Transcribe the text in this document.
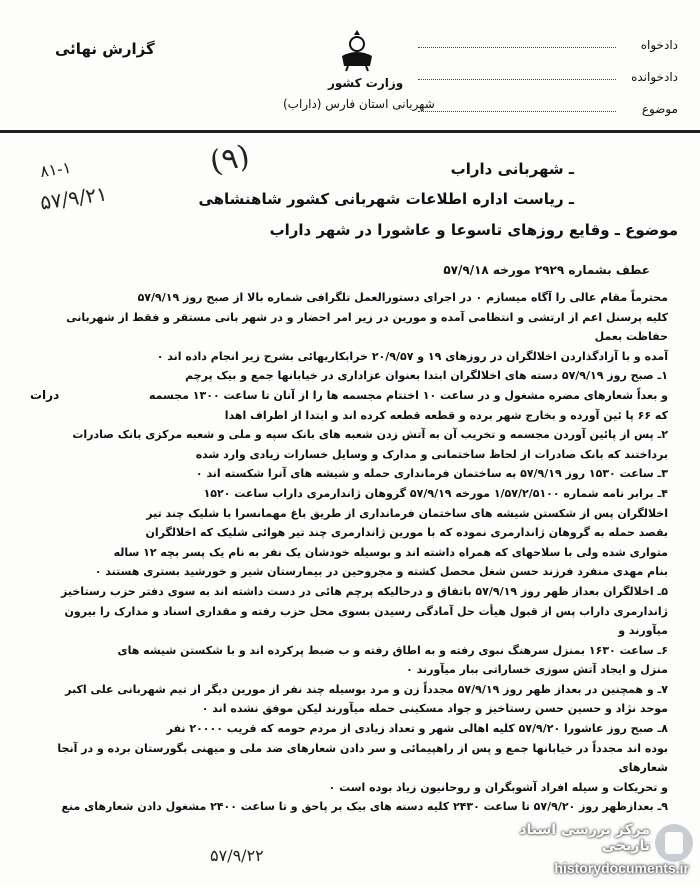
گزارش نهائی
وزارت کشور
شهربانی استان فارس (داراب)
دادخواه
دادخوانده
موضوع
۸۱-۱
۵۷/۹/۲۱
(۹)	ـ شهربانی داراب
ـ ریاست اداره اطلاعات شهربانی کشور شاهنشاهی
موضوع ـ وقایع روزهای تاسوعا و عاشورا در شهر داراب
عطف بشماره ۲۹۲۹ مورخه ۵۷/۹/۱۸

محترماً مقام عالی را آگاه میسازم ۰ در اجرای دستورالعمل تلگرافی شماره بالا از صبح روز ۵۷/۹/۱۹

کلیه پرسنل اعم از ارتشی و انتظامی آمده و مورین در زیر امر احضار و در شهر بانی مستقر و فقط از شهربانی حفاظت بعمل

آمده و با آزادگذاردن اخلالگران در روزهای ۱۹ و ۲۰/۹/۵۷ خرابکاریهائی بشرح زیر انجام داده اند ۰

۱ـ صبح روز ۵۷/۹/۱۹ دسته های اخلالگران ابتدا بعنوان عزاداری در خیابانها جمع و بیک پرچم

و بعداً شعارهای مضره مشغول و در ساعت ۱۰ اختتام مجسمه ها را از آنان تا ساعت ۱۳۰۰ مجسمه

که ۶۶ پا ئین آورده و بخارج شهر برده و قطعه قطعه کرده اند و ابتدا از اطراف اهدا

۲ـ پس از پائین آوردن مجسمه و تخریب آن به آتش زدن شعبه های بانک سپه و ملی و شعبه مرکزی بانک صادرات

برداختند که بانک صادرات از لحاظ ساختمانی و مدارک و وسایل خسارات زیادی وارد شده

۳ـ ساعت ۱۵۳۰ روز ۵۷/۹/۱۹ به ساختمان فرمانداری حمله و شیشه های آنرا شکسته اند ۰

۴ـ برابر نامه شماره ۱/۵۷/۲/۵۱۰۰ مورخه ۵۷/۹/۱۹ گروهان ژاندارمری داراب ساعت ۱۵۲۰

اخلالگران پس از شکستن شیشه های ساختمان فرمانداری از طریق باغ مهمانسرا با شلیک چند تیر

بقصد حمله به گروهان ژاندارمری نموده که با مورین ژاندارمری چند تیر هوائی شلیک که اخلالگران

متواری شده ولی با سلاحهای که همراه داشته اند و بوسیله خودشان یک نفر به نام یک پسر بچه ۱۲ ساله

بنام مهدی منفرد فرزند حسن شغل محصل کشته و مجروحین در بیمارستان شیر و خورشید بستری هستند ۰

۵ـ اخلالگران بعداز ظهر روز ۵۷/۹/۱۹ باتفاق و درحالیکه پرچم هائی در دست داشته اند به سوی دفتر حزب رستاخیز

ژاندارمری داراب پس از قبول هیأت حل آمادگی رسیدن بسوی محل حزب رفته و مقداری اسناد و مدارک را بیرون میآورند و

۶ـ ساعت ۱۶۳۰ بمنزل سرهنگ نبوی رفته و به اطاق رفته و ب ضبط پرکرده اند و با شکستن شیشه های

منزل و ایجاد آتش سوزی خساراتی ببار میآورند ۰

۷ـ و همچنین در بعداز ظهر روز ۵۷/۹/۱۹ مجدداً زن و مرد بوسیله چند نفر از مورین دیگر از تیم شهربانی علی اکبر

موحد نژاد و حسین حسن رستاخیز و جواد مسکینی حمله میآورند لیکن موفق نشده اند ۰

۸ـ صبح روز عاشورا ۵۷/۹/۲۰ کلیه اهالی شهر و تعداد زیادی از مردم حومه که قریب ۲۰۰۰۰ نفر

بوده اند مجدداً در خیابانها جمع و پس از راهپیمائی و سر دادن شعارهای ضد ملی و میهنی بگورستان برده و در آنجا شعارهای

و تحریکات و سیله افراد آشوبگران و روحانیون زیاد بوده است ۰

۹ـ بعدازظهر روز ۵۷/۹/۲۰ تا ساعت ۲۴۳۰ کلیه دسته های بیک بر پاحق و تا ساعت ۲۴۰۰ مشغول دادن شعارهای منع

درات
۵۷/۹/۲۲
مرکز بررسی اسناد تاریخی
historydocuments.ir
